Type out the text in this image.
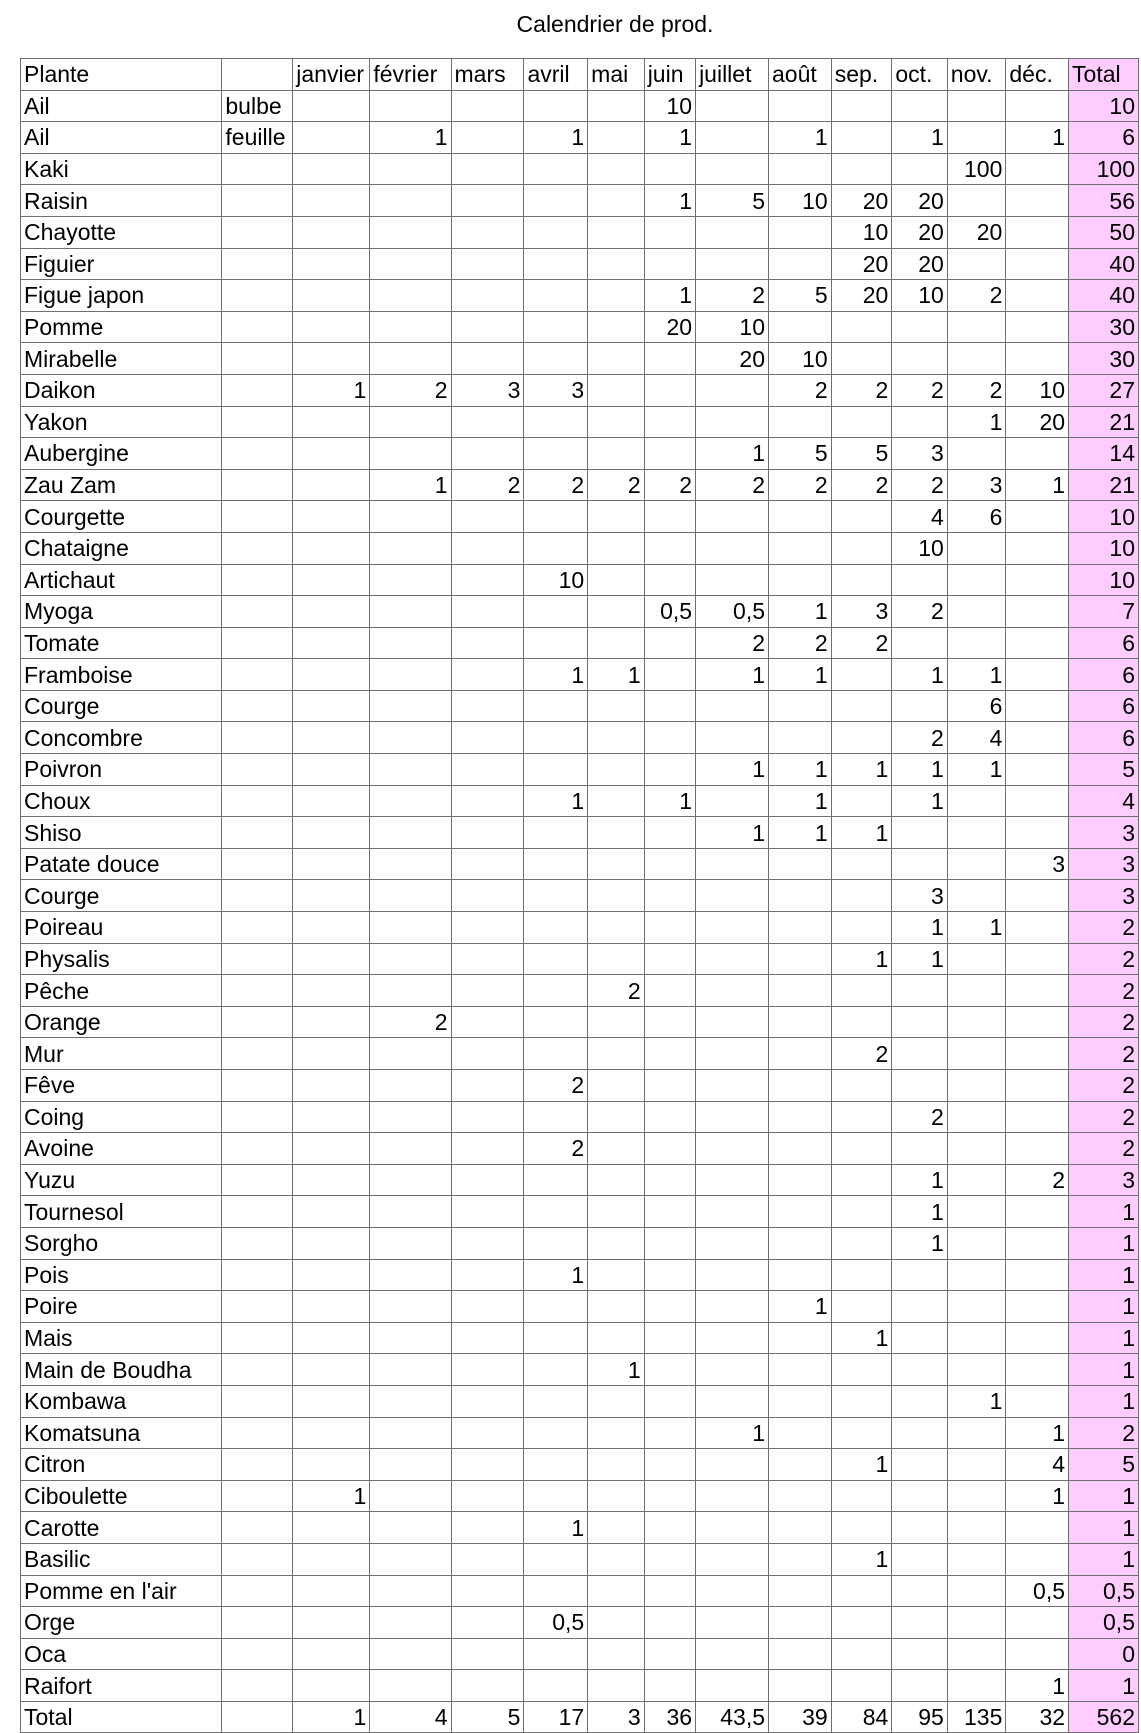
Calendrier de prod.
Plante		janvier	février	mars	avril	mai	juin	juillet	août	sep.	oct.	nov.	déc.	Total
Ail	bulbe						10							10
Ail	feuille		1		1		1		1		1		1	6
Kaki												100		100
Raisin							1	5	10	20	20			56
Chayotte										10	20	20		50
Figuier										20	20			40
Figue japon							1	2	5	20	10	2		40
Pomme							20	10						30
Mirabelle								20	10					30
Daikon		1	2	3	3				2	2	2	2	10	27
Yakon												1	20	21
Aubergine								1	5	5	3			14
Zau Zam			1	2	2	2	2	2	2	2	2	3	1	21
Courgette											4	6		10
Chataigne											10			10
Artichaut					10									10
Myoga							0,5	0,5	1	3	2			7
Tomate								2	2	2				6
Framboise					1	1		1	1		1	1		6
Courge												6		6
Concombre											2	4		6
Poivron								1	1	1	1	1		5
Choux					1		1		1		1			4
Shiso								1	1	1				3
Patate douce													3	3
Courge											3			3
Poireau											1	1		2
Physalis										1	1			2
Pêche						2								2
Orange			2											2
Mur										2				2
Fêve					2									2
Coing											2			2
Avoine					2									2
Yuzu											1		2	3
Tournesol											1			1
Sorgho											1			1
Pois					1									1
Poire									1					1
Mais										1				1
Main de Boudha						1								1
Kombawa												1		1
Komatsuna								1					1	2
Citron										1			4	5
Ciboulette		1											1	1
Carotte					1									1
Basilic										1				1
Pomme en l'air													0,5	0,5
Orge					0,5									0,5
Oca														0
Raifort													1	1
Total		1	4	5	17	3	36	43,5	39	84	95	135	32	562
